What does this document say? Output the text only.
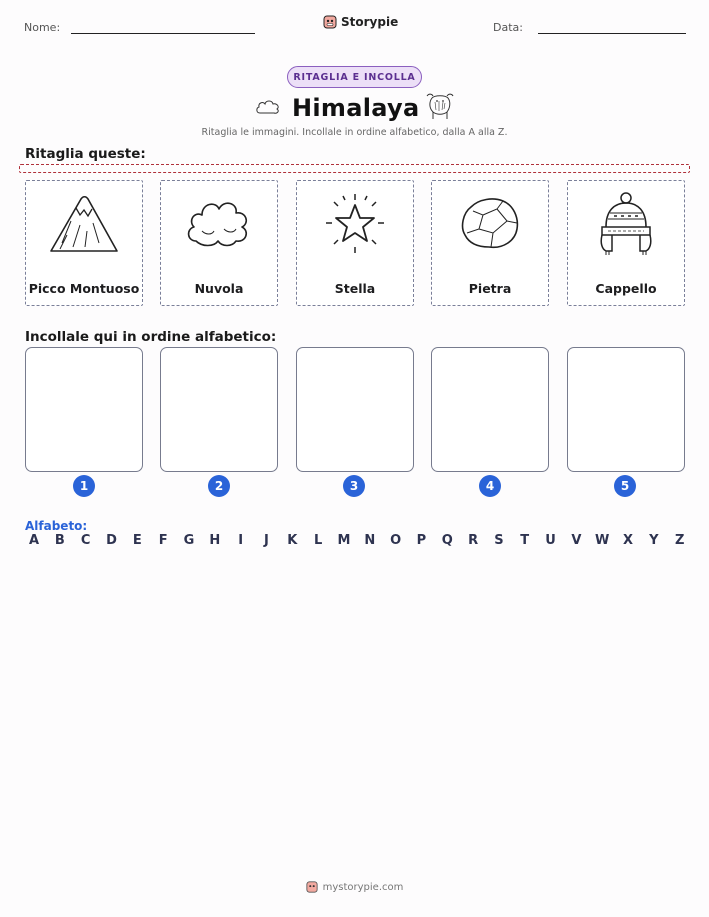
Nome:	Storypie	Data:
RITAGLIA E INCOLLA
Himalaya
Ritaglia le immagini. Incollale in ordine alfabetico, dalla A alla Z.
Ritaglia queste:
Picco Montuoso	Nuvola	Stella	Pietra	Cappello
Incollale qui in ordine alfabetico:
1	2	3	4	5
Alfabeto:
A B C D E F G H	I	J	K L M N O P Q R S T U V W X Y Z
mystorypie.com
